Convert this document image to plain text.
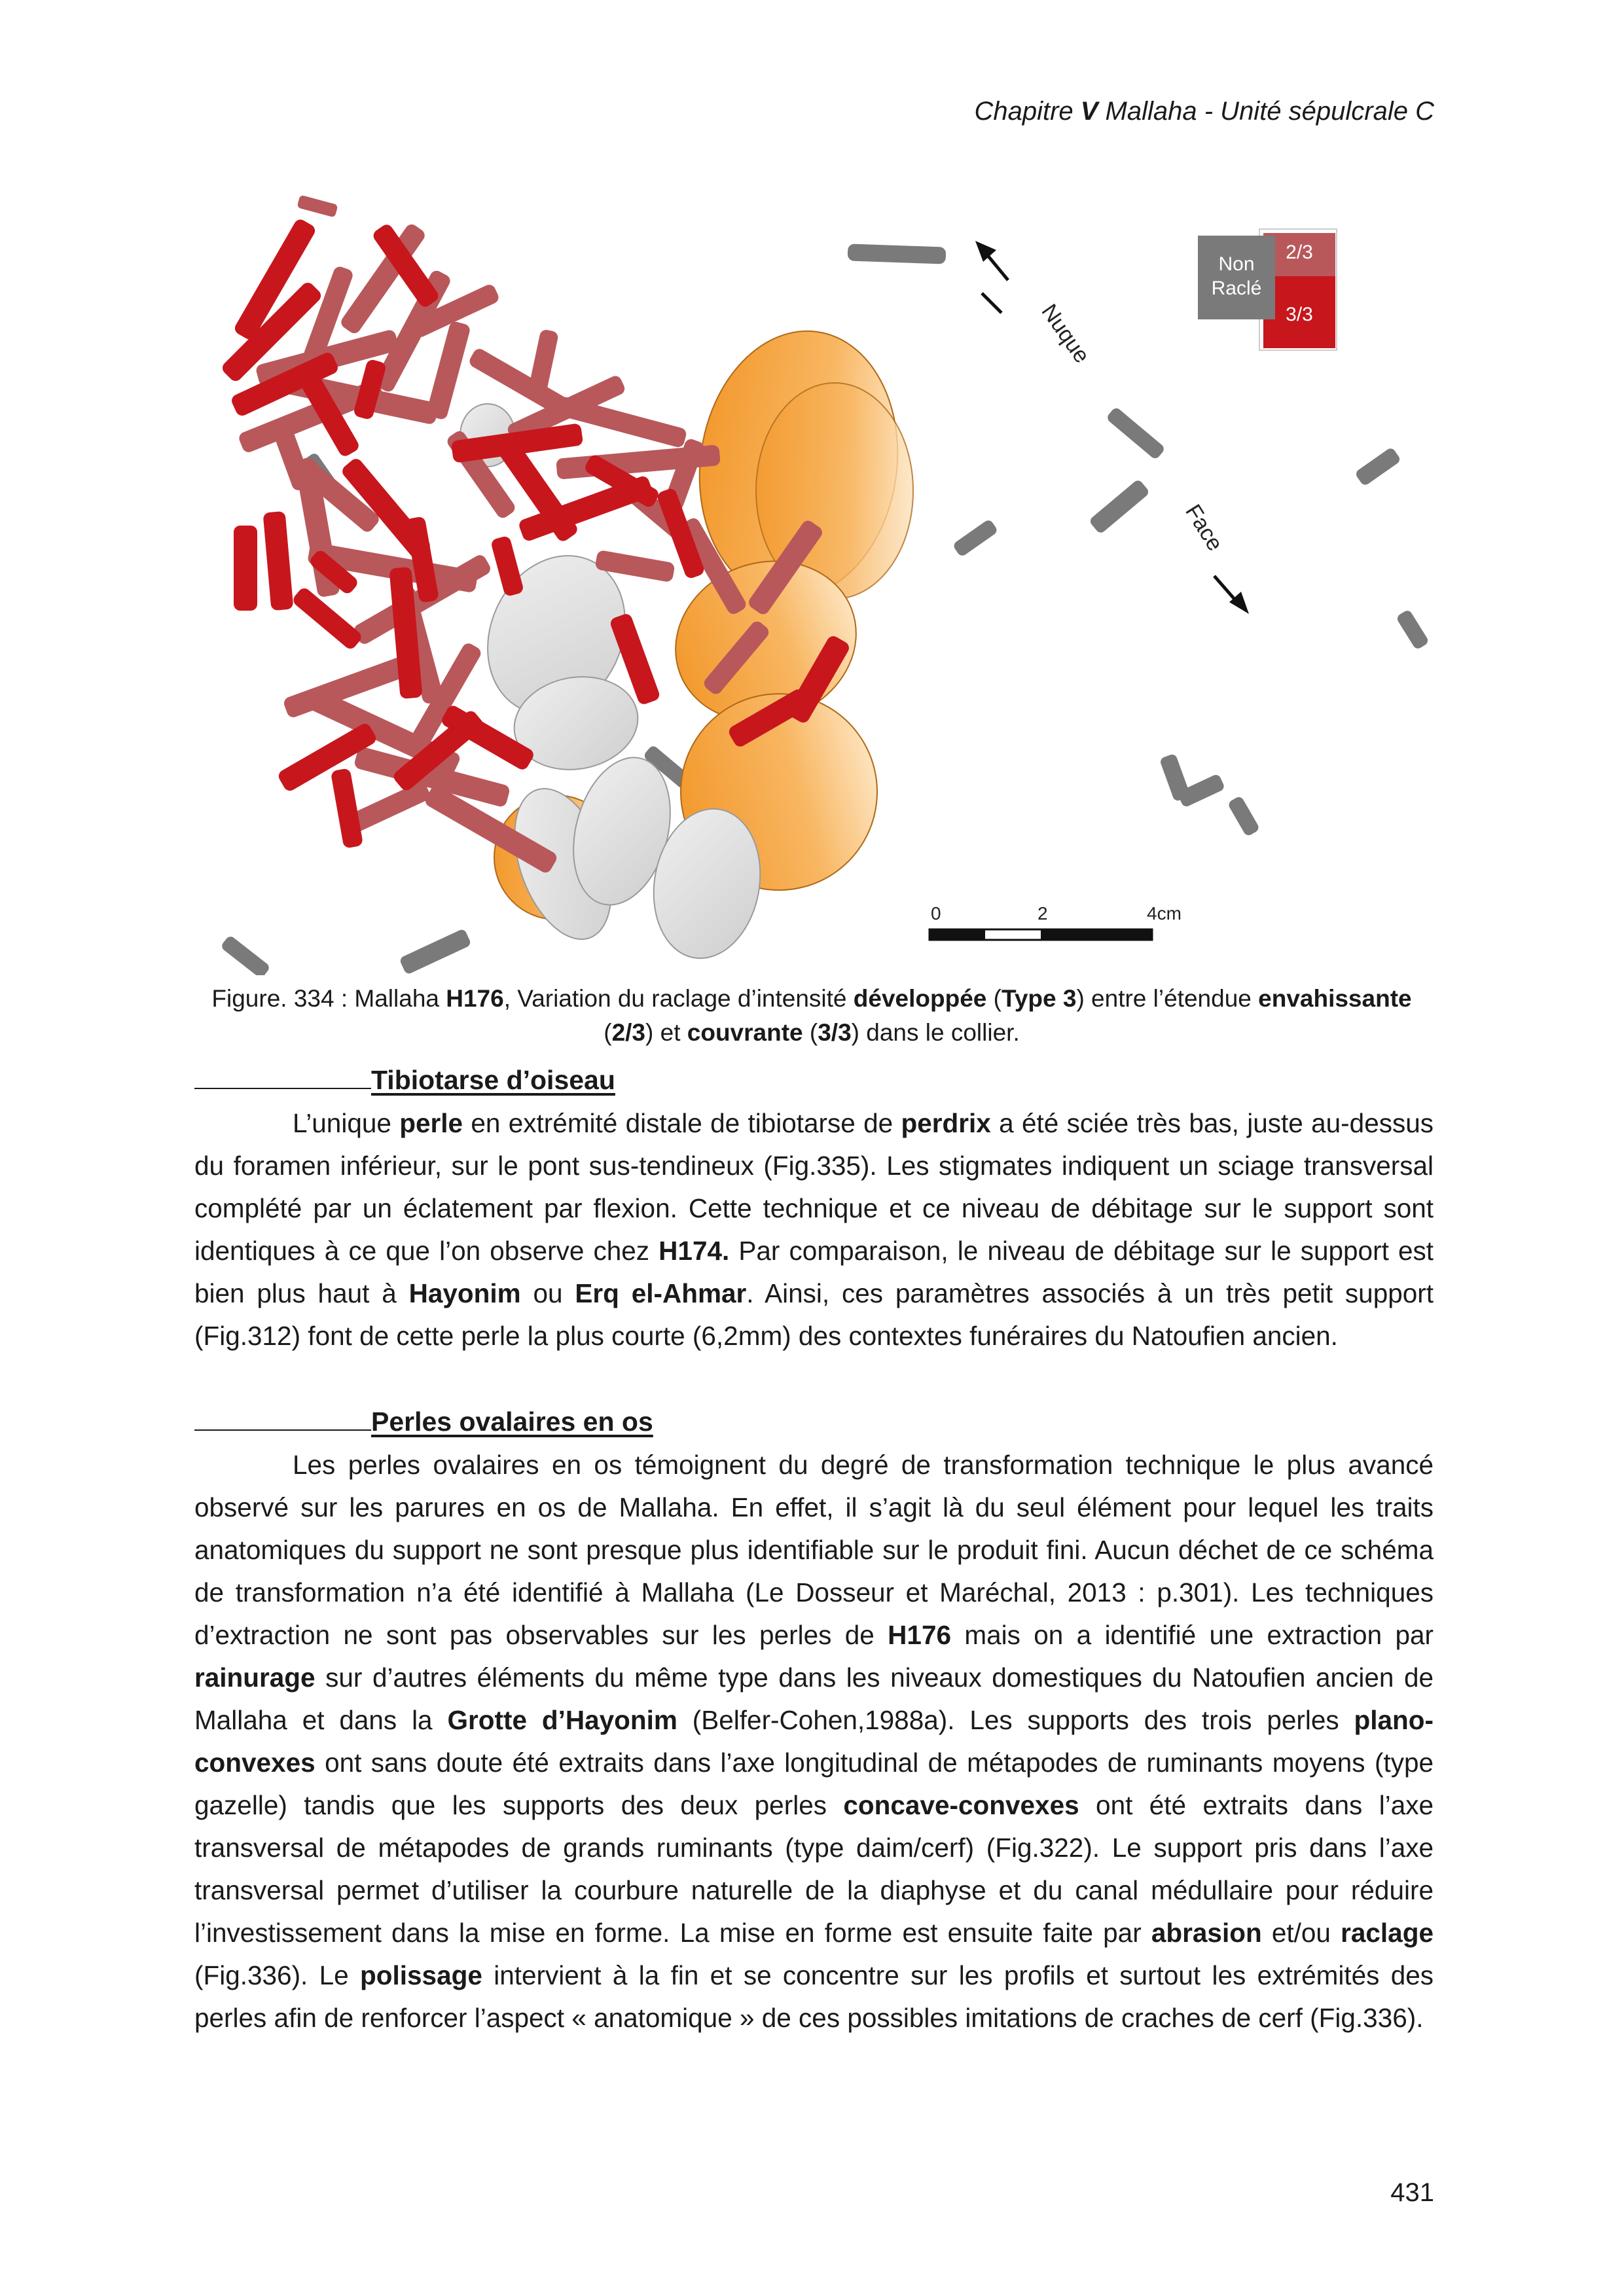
Chapitre V Mallaha - Unité sépulcrale C
Non
Raclé
2/3
3/3
Nuque
Face
0	2	4cm
Figure. 334 : Mallaha H176, Variation du raclage d’intensité développée (Type 3) entre l’étendue envahissante (2/3) et couvrante (3/3) dans le collier.
Tibiotarse d’oiseau

L’unique perle en extrémité distale de tibiotarse de perdrix a été sciée très bas, juste au-dessus du foramen inférieur, sur le pont sus-tendineux (Fig.335). Les stigmates indiquent un sciage transversal complété par un éclatement par flexion. Cette technique et ce niveau de débitage sur le support sont identiques à ce que l’on observe chez H174. Par comparaison, le niveau de débitage sur le support est bien plus haut à Hayonim ou Erq el-Ahmar. Ainsi, ces paramètres associés à un très petit support (Fig.312) font de cette perle la plus courte (6,2mm) des contextes funéraires du Natoufien ancien.

Perles ovalaires en os

Les perles ovalaires en os témoignent du degré de transformation technique le plus avancé observé sur les parures en os de Mallaha. En effet, il s’agit là du seul élément pour lequel les traits anatomiques du support ne sont presque plus identifiable sur le produit fini. Aucun déchet de ce schéma de transformation n’a été identifié à Mallaha (Le Dosseur et Maréchal, 2013 : p.301). Les techniques d’extraction ne sont pas observables sur les perles de H176 mais on a identifié une extraction par rainurage sur d’autres éléments du même type dans les niveaux domestiques du Natoufien ancien de Mallaha et dans la Grotte d’Hayonim (Belfer-Cohen,1988a). Les supports des trois perles plano-convexes ont sans doute été extraits dans l’axe longitudinal de métapodes de ruminants moyens (type gazelle) tandis que les supports des deux perles concave-convexes ont été extraits dans l’axe transversal de métapodes de grands ruminants (type daim/cerf) (Fig.322). Le support pris dans l’axe transversal permet d’utiliser la courbure naturelle de la diaphyse et du canal médullaire pour réduire l’investissement dans la mise en forme. La mise en forme est ensuite faite par abrasion et/ou raclage (Fig.336). Le polissage intervient à la fin et se concentre sur les profils et surtout les extrémités des perles afin de renforcer l’aspect « anatomique » de ces possibles imitations de craches de cerf (Fig.336).

431
